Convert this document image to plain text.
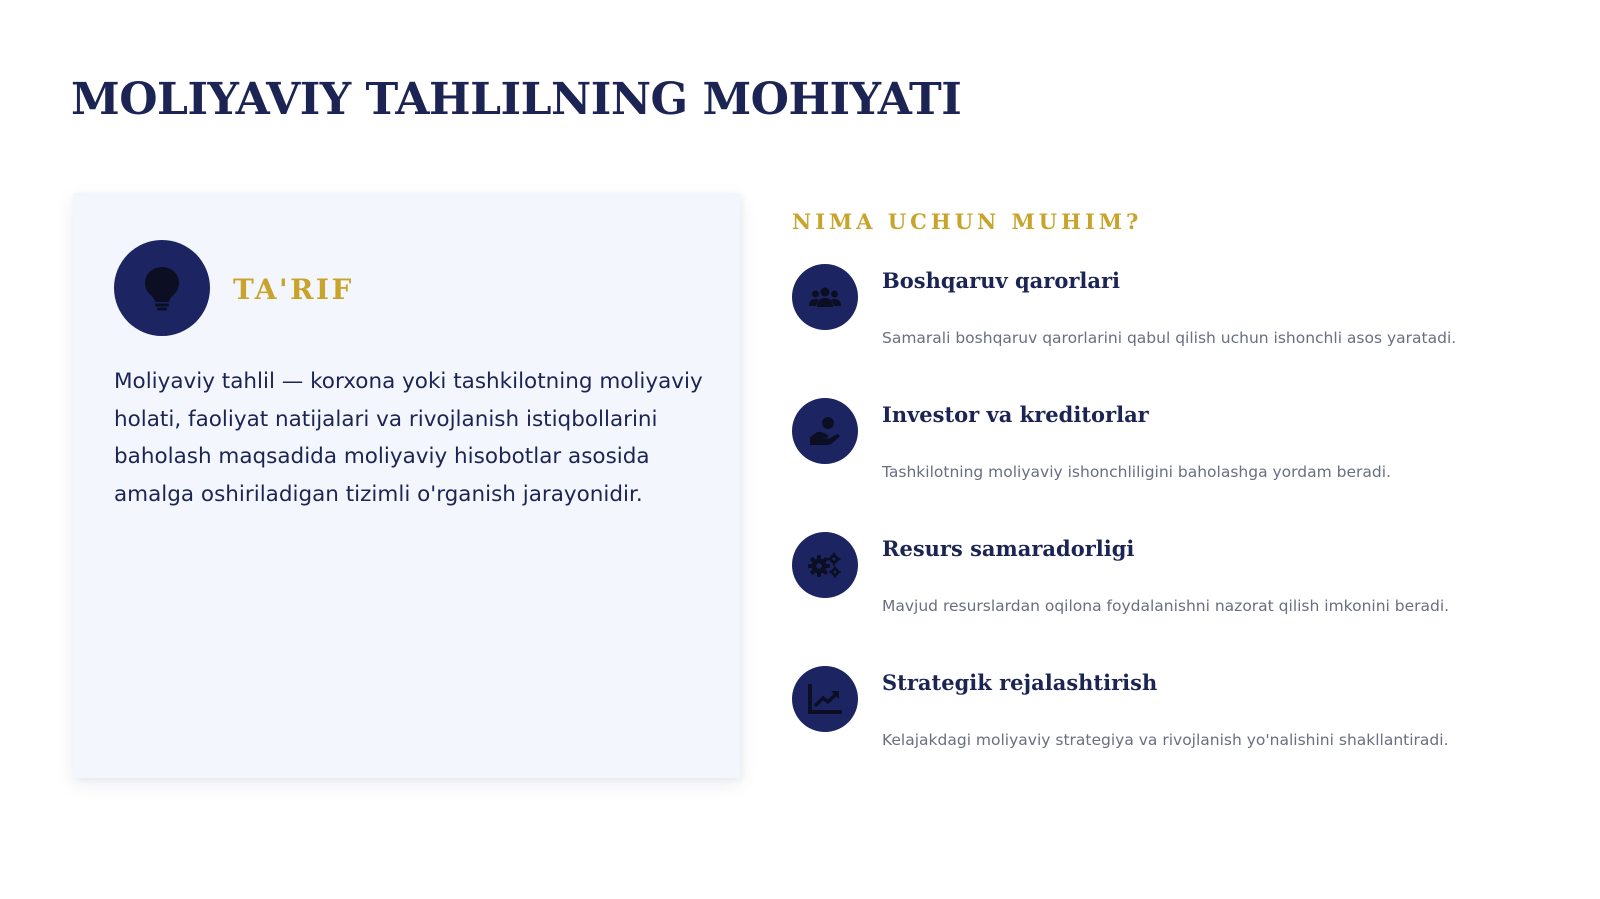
MOLIYAVIY TAHLILNING MOHIYATI
TA'RIF

Moliyaviy tahlil — korxona yoki tashkilotning moliyaviy holati, faoliyat natijalari va rivojlanish istiqbollarini baholash maqsadida moliyaviy hisobotlar asosida amalga oshiriladigan tizimli o'rganish jarayonidir.

NIMA UCHUN MUHIM?
Boshqaruv qarorlari

Samarali boshqaruv qarorlarini qabul qilish uchun ishonchli asos yaratadi.

Investor va kreditorlar

Tashkilotning moliyaviy ishonchliligini baholashga yordam beradi.

Resurs samaradorligi

Mavjud resurslardan oqilona foydalanishni nazorat qilish imkonini beradi.

Strategik rejalashtirish

Kelajakdagi moliyaviy strategiya va rivojlanish yo'nalishini shakllantiradi.
